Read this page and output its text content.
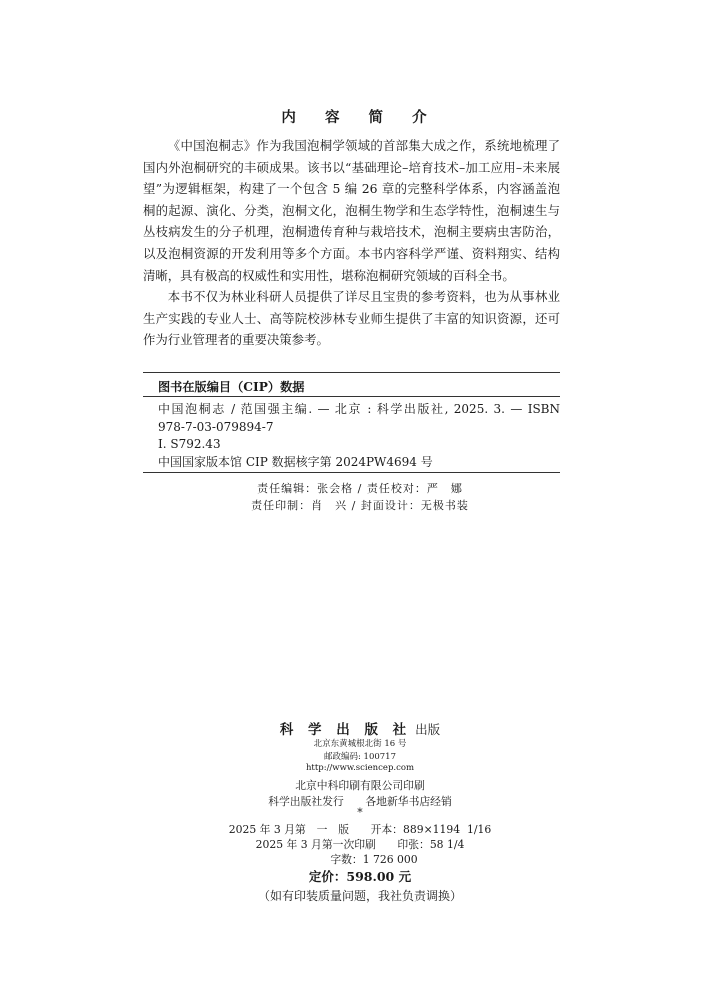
内 容 简 介

《中国泡桐志》作为我国泡桐学领域的首部集大成之作，系统地梳理了国内外泡桐研究的丰硕成果。该书以“基础理论–培育技术–加工应用–未来展望”为逻辑框架，构建了一个包含 5 编 26 章的完整科学体系，内容涵盖泡桐的起源、演化、分类，泡桐文化，泡桐生物学和生态学特性，泡桐速生与丛枝病发生的分子机理，泡桐遗传育种与栽培技术，泡桐主要病虫害防治，以及泡桐资源的开发利用等多个方面。本书内容科学严谨、资料翔实、结构清晰，具有极高的权威性和实用性，堪称泡桐研究领域的百科全书。

本书不仅为林业科研人员提供了详尽且宝贵的参考资料，也为从事林业生产实践的专业人士、高等院校涉林专业师生提供了丰富的知识资源，还可作为行业管理者的重要决策参考。

图书在版编目（CIP）数据
中国泡桐志 / 范国强主编. — 北京 : 科学出版社, 2025. 3. — ISBN
978-7-03-079894-7
Ⅰ. S792.43
中国国家版本馆 CIP 数据核字第 2024PW4694 号
责任编辑：张会格 / 责任校对：严　娜
责任印制：肖　兴 / 封面设计：无极书装
科 学 出 版 社 出版
北京东黄城根北街 16 号
邮政编码: 100717
http://www.sciencep.com
北京中科印刷有限公司印刷
科学出版社发行　　各地新华书店经销
*
2025 年 3 月第　一　版　　开本：889×1194  1/16
2025 年 3 月第一次印刷　　印张：58 1/4
字数：1 726 000
定价：598.00 元
（如有印装质量问题，我社负责调换）
